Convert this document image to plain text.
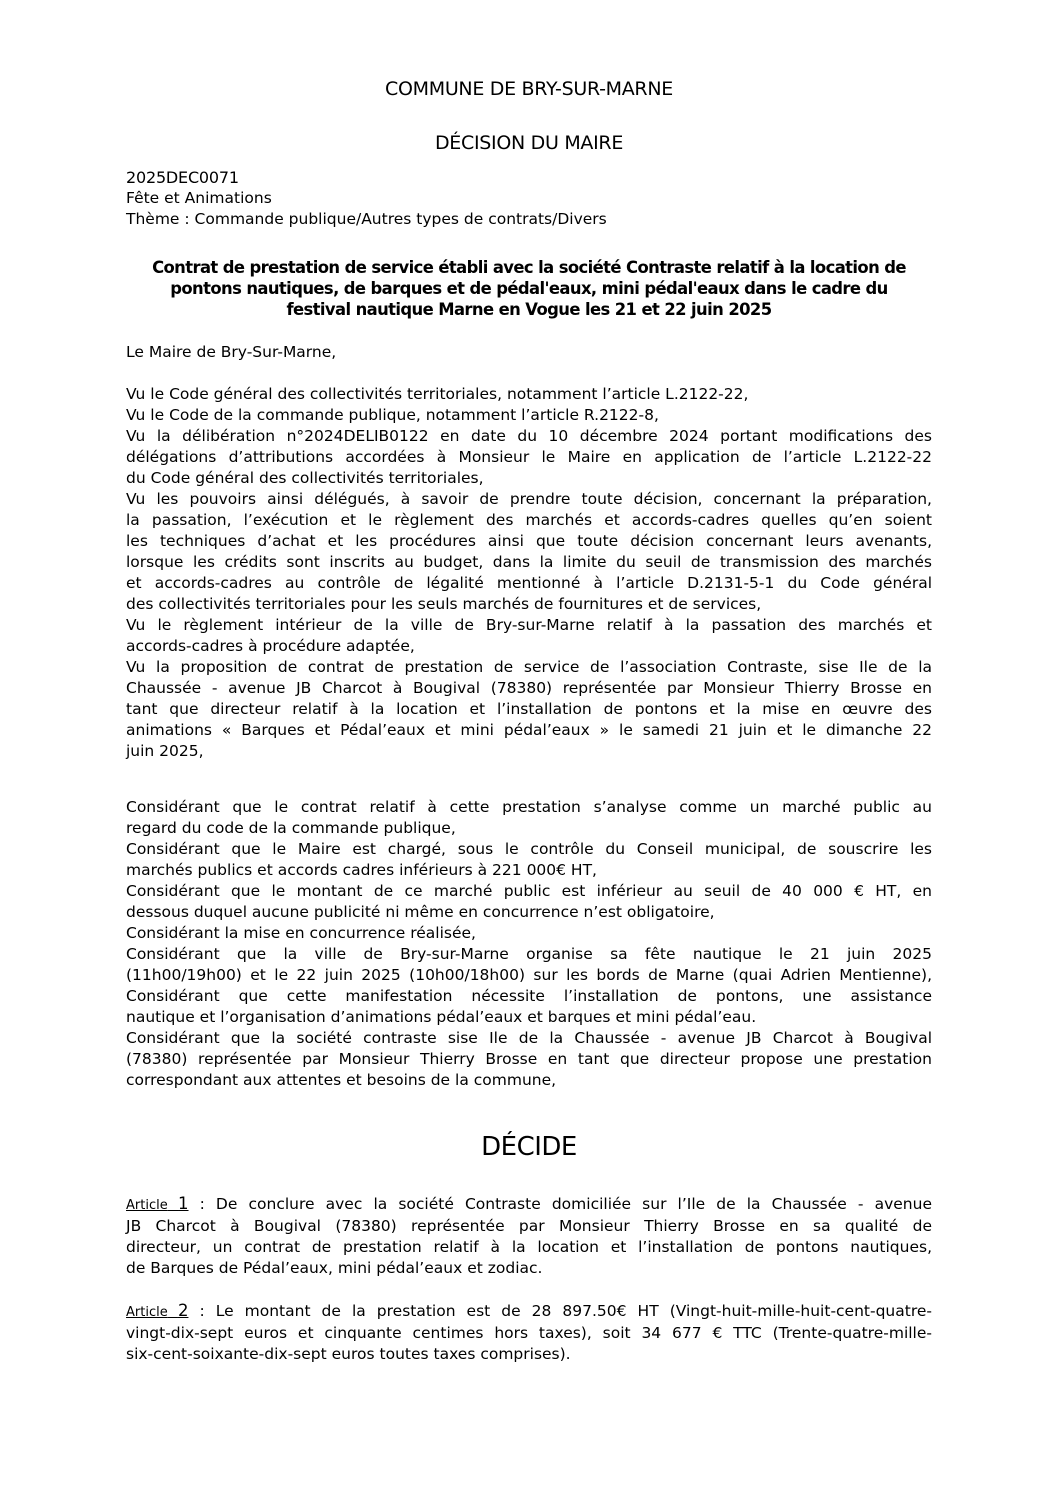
COMMUNE DE BRY-SUR-MARNE
DÉCISION DU MAIRE
2025DEC0071
Fête et Animations
Thème : Commande publique/Autres types de contrats/Divers
Contrat de prestation de service établi avec la société Contraste relatif à la location de
pontons nautiques, de barques et de pédal'eaux, mini pédal'eaux dans le cadre du
festival nautique Marne en Vogue les 21 et 22 juin 2025
Le Maire de Bry-Sur-Marne,
Vu le Code général des collectivités territoriales, notamment l’article L.2122-22,
Vu le Code de la commande publique, notamment l’article R.2122-8,
Vu la délibération n°2024DELIB0122 en date du 10 décembre 2024 portant modifications des
délégations d’attributions accordées à Monsieur le Maire en application de l’article L.2122-22
du Code général des collectivités territoriales,
Vu les pouvoirs ainsi délégués, à savoir de prendre toute décision, concernant la préparation,
la passation, l’exécution et le règlement des marchés et accords-cadres quelles qu’en soient
les techniques d’achat et les procédures ainsi que toute décision concernant leurs avenants,
lorsque les crédits sont inscrits au budget, dans la limite du seuil de transmission des marchés
et accords-cadres au contrôle de légalité mentionné à l’article D.2131-5-1 du Code général
des collectivités territoriales pour les seuls marchés de fournitures et de services,
Vu le règlement intérieur de la ville de Bry-sur-Marne relatif à la passation des marchés et
accords-cadres à procédure adaptée,
Vu la proposition de contrat de prestation de service de l’association Contraste, sise Ile de la
Chaussée - avenue JB Charcot à Bougival (78380) représentée par Monsieur Thierry Brosse en
tant que directeur relatif à la location et l’installation de pontons et la mise en œuvre des
animations « Barques et Pédal’eaux et mini pédal’eaux » le samedi 21 juin et le dimanche 22
juin 2025,
Considérant que le contrat relatif à cette prestation s’analyse comme un marché public au
regard du code de la commande publique,
Considérant que le Maire est chargé, sous le contrôle du Conseil municipal, de souscrire les
marchés publics et accords cadres inférieurs à 221 000€ HT,
Considérant que le montant de ce marché public est inférieur au seuil de 40 000 € HT, en
dessous duquel aucune publicité ni même en concurrence n’est obligatoire,
Considérant la mise en concurrence réalisée,
Considérant que la ville de Bry-sur-Marne organise sa fête nautique le 21 juin 2025
(11h00/19h00) et le 22 juin 2025 (10h00/18h00) sur les bords de Marne (quai Adrien Mentienne),
Considérant que cette manifestation nécessite l’installation de pontons, une assistance
nautique et l’organisation d’animations pédal’eaux et barques et mini pédal’eau.
Considérant que la société contraste sise Ile de la Chaussée - avenue JB Charcot à Bougival
(78380) représentée par Monsieur Thierry Brosse en tant que directeur propose une prestation
correspondant aux attentes et besoins de la commune,
DÉCIDE
Article 1 : De conclure avec la société Contraste domiciliée sur l’Ile de la Chaussée - avenue
JB Charcot à Bougival (78380) représentée par Monsieur Thierry Brosse en sa qualité de
directeur, un contrat de prestation relatif à la location et l’installation de pontons nautiques,
de Barques de Pédal’eaux, mini pédal’eaux et zodiac.
Article 2 : Le montant de la prestation est de 28 897.50€ HT (Vingt-huit-mille-huit-cent-quatre-
vingt-dix-sept euros et cinquante centimes hors taxes), soit 34 677 € TTC (Trente-quatre-mille-
six-cent-soixante-dix-sept euros toutes taxes comprises).
